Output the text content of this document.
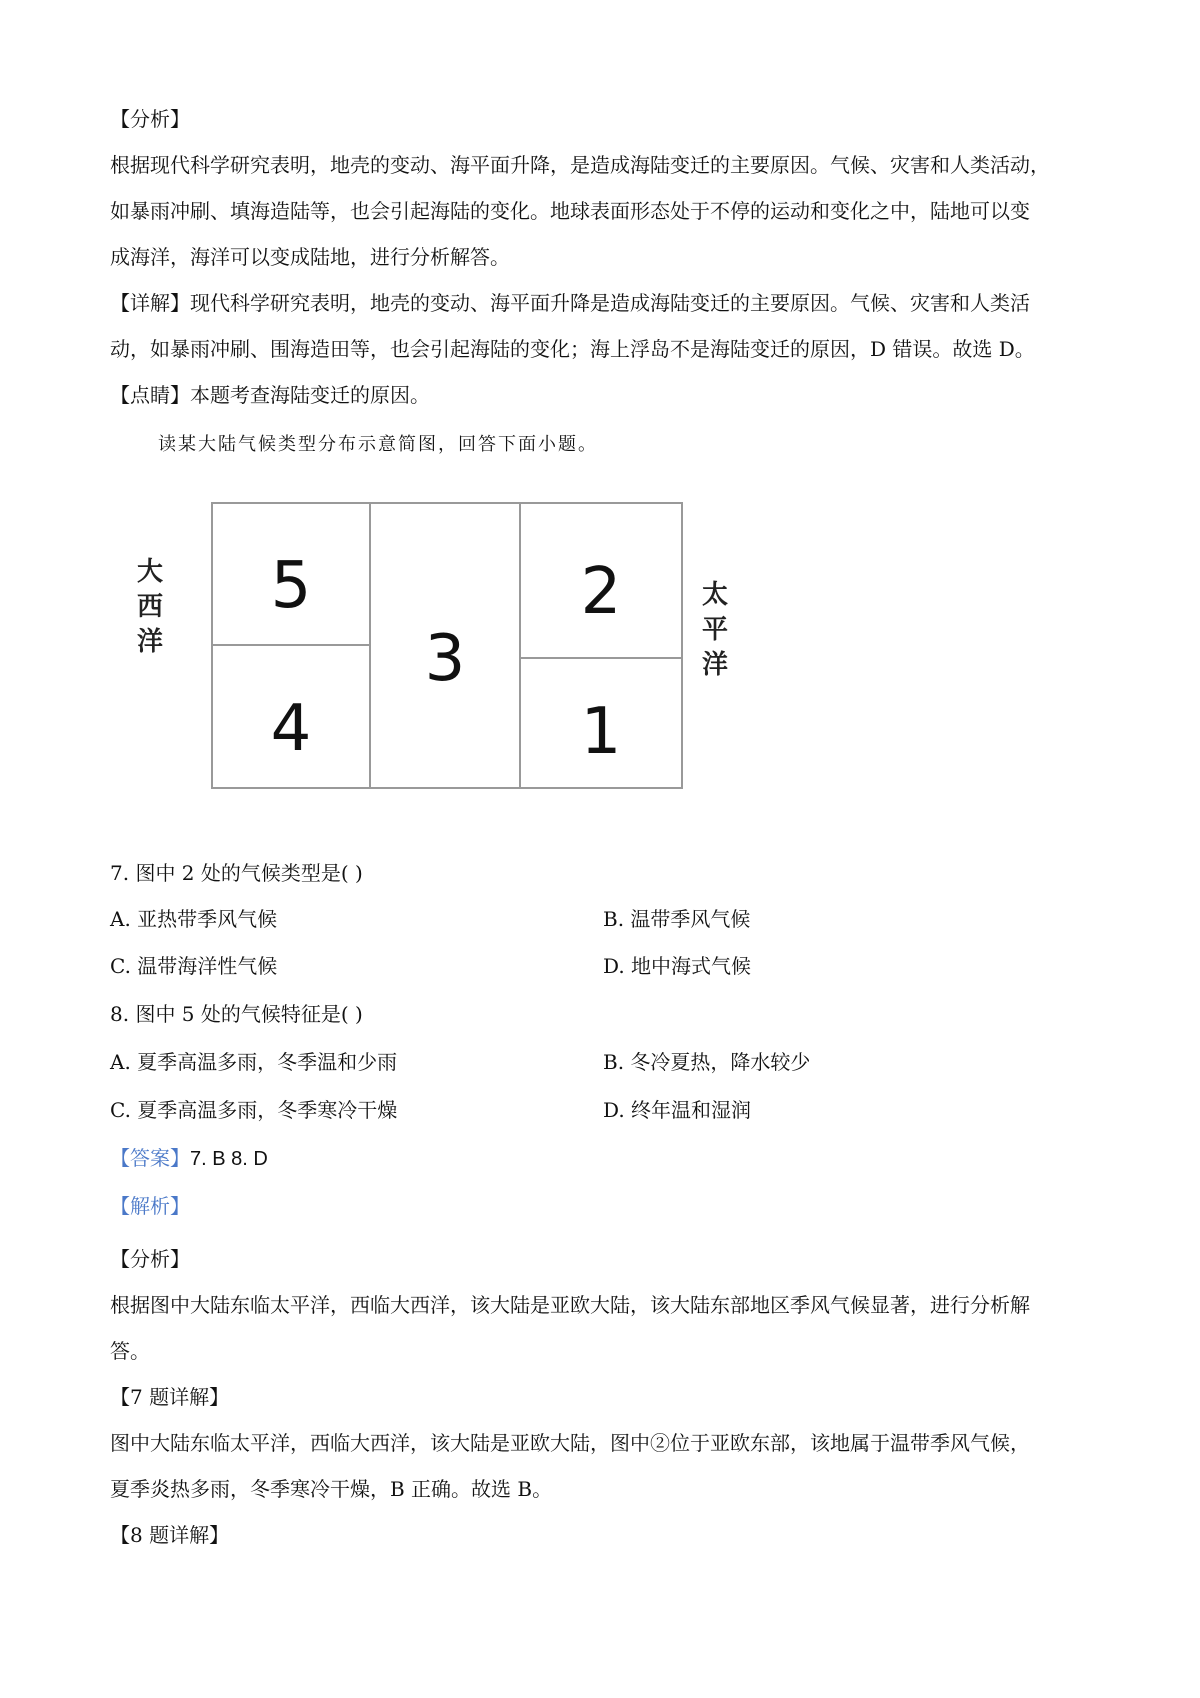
【分析】
根据现代科学研究表明，地壳的变动、海平面升降，是造成海陆变迁的主要原因。气候、灾害和人类活动，
如暴雨冲刷、填海造陆等，也会引起海陆的变化。地球表面形态处于不停的运动和变化之中，陆地可以变
成海洋，海洋可以变成陆地，进行分析解答。
【详解】现代科学研究表明，地壳的变动、海平面升降是造成海陆变迁的主要原因。气候、灾害和人类活
动，如暴雨冲刷、围海造田等，也会引起海陆的变化；海上浮岛不是海陆变迁的原因，D 错误。故选 D。
【点睛】本题考查海陆变迁的原因。
读某大陆气候类型分布示意简图，回答下面小题。
5
4
3
2
1
大
西
洋
太
平
洋
7. 图中 2 处的气候类型是( )
A. 亚热带季风气候	B. 温带季风气候
C. 温带海洋性气候	D. 地中海式气候
8. 图中 5 处的气候特征是( )
A. 夏季高温多雨，冬季温和少雨	B. 冬冷夏热，降水较少
C. 夏季高温多雨，冬季寒冷干燥	D. 终年温和湿润
【答案】7. B 8. D
【解析】
【分析】
根据图中大陆东临太平洋，西临大西洋，该大陆是亚欧大陆，该大陆东部地区季风气候显著，进行分析解
答。
【7 题详解】
图中大陆东临太平洋，西临大西洋，该大陆是亚欧大陆，图中②位于亚欧东部，该地属于温带季风气候，
夏季炎热多雨，冬季寒冷干燥，B 正确。故选 B。
【8 题详解】
